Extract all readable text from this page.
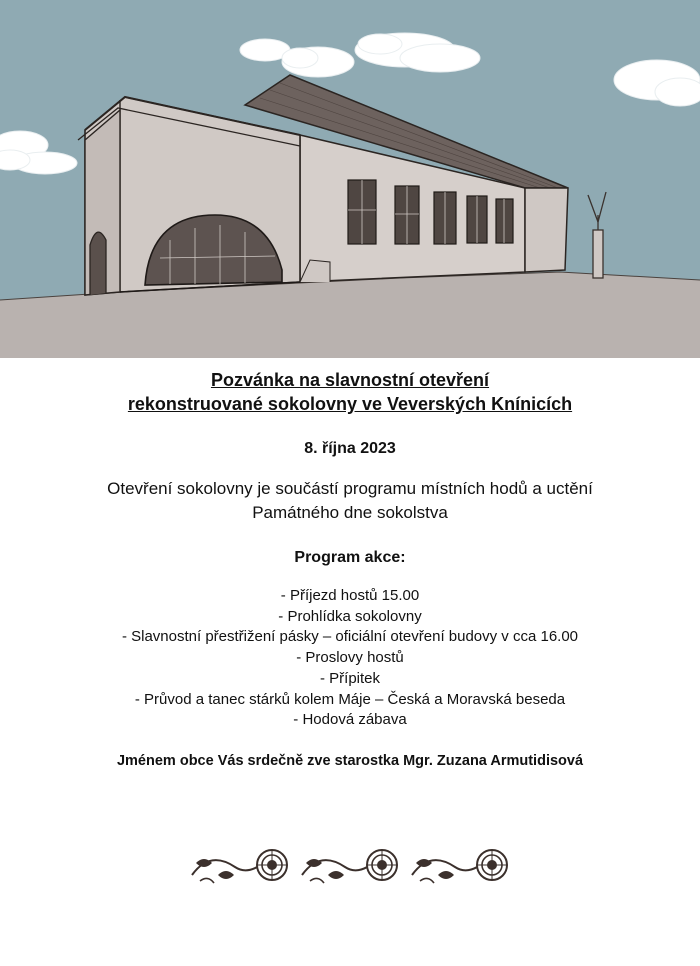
Pozvánka na slavnostní otevření
rekonstruované sokolovny ve Veverských Knínicích

8. října 2023
Otevření sokolovny je součástí programu místních hodů a uctění
Památného dne sokolstva
Program akce:
- Příjezd hostů 15.00
- Prohlídka sokolovny
- Slavnostní přestřižení pásky – oficiální otevření budovy v cca 16.00
- Proslovy hostů
- Přípitek
- Průvod a tanec stárků kolem Máje – Česká a Moravská beseda
- Hodová zábava
Jménem obce Vás srdečně zve starostka Mgr. Zuzana Armutidisová
